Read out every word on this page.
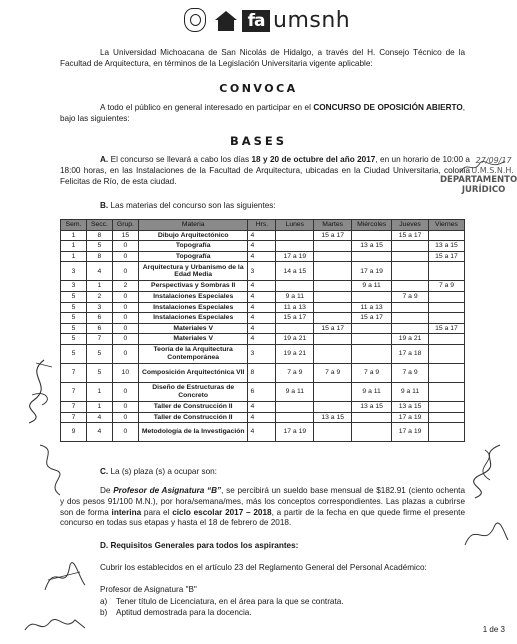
fa umsnh
La Universidad Michoacana de San Nicolás de Hidalgo, a través del H. Consejo Técnico de la Facultad de Arquitectura, en términos de la Legislación Universitaria vigente aplicable:
CONVOCA
A todo el público en general interesado en participar en el CONCURSO DE OPOSICIÓN ABIERTO, bajo las siguientes:
BASES
A. El concurso se llevará a cabo los días 18 y 20 de octubre del año 2017, en un horario de 10:00 a 18:00 horas, en las Instalaciones de la Facultad de Arquitectura, ubicadas en la Ciudad Universitaria, colonia Felicitas de Río, de esta ciudad.
B. Las materias del concurso son las siguientes:
Sem.	Secc.	Grup.	Materia	Hrs.	Lunes	Martes	Miércoles	Jueves	Viernes
1	8	15	Dibujo Arquitectónico	4		15 a 17		15 a 17	
1	5	0	Topografía	4			13 a 15		13 a 15
1	8	0	Topografía	4	17 a 19				15 a 17
3	4	0	Arquitectura y Urbanismo de la Edad Media	3	14 a 15		17 a 19		
3	1	2	Perspectivas y Sombras II	4			9 a 11		7 a 9
5	2	0	Instalaciones Especiales	4	9 a 11			7 a 9	
5	3	0	Instalaciones Especiales	4	11 a 13		11 a 13		
5	6	0	Instalaciones Especiales	4	15 a 17		15 a 17		
5	6	0	Materiales V	4		15 a 17			15 a 17
5	7	0	Materiales V	4	19 a 21			19 a 21	
5	5	0	Teoría de la Arquitectura Contemporánea	3	19 a 21			17 a 18	
7	5	10	Composición Arquitectónica VII	8	7 a 9	7 a 9	7 a 9	7 a 9	
7	1	0	Diseño de Estructuras de Concreto	6	9 a 11		9 a 11	9 a 11	
7	1	0	Taller de Construcción II	4			13 a 15	13 a 15	
7	4	0	Taller de Construcción II	4		13 a 15		17 a 19	
9	4	0	Metodología de la Investigación	4	17 a 19			17 a 19	
27/09/17
U.M.S.N.H.
DEPARTAMENTO
JURÍDICO
C. La (s) plaza (s) a ocupar son:
De Profesor de Asignatura “B”, se percibirá un sueldo base mensual de $182.91 (ciento ochenta y dos pesos 91/100 M.N.), por hora/semana/mes, más los conceptos correspondientes. Las plazas a cubrirse son de forma interina para el ciclo escolar 2017 – 2018, a partir de la fecha en que quede firme el presente concurso en todas sus etapas y hasta el 18 de febrero de 2018.
D. Requisitos Generales para todos los aspirantes:
Cubrir los establecidos en el artículo 23 del Reglamento General del Personal Académico:
Profesor de Asignatura "B"
a) Tener título de Licenciatura, en el área para la que se contrata.
b) Aptitud demostrada para la docencia.
1 de 3
